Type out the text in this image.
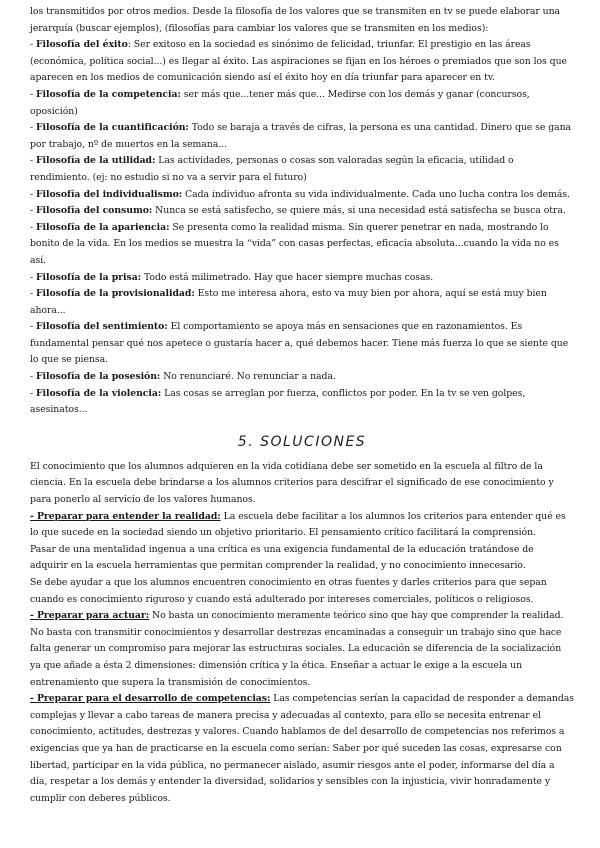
los transmitidos por otros medios. Desde la filosofía de los valores que se transmiten en tv se puede elaborar una jerarquía (buscar ejemplos), (filosofías para cambiar los valores que se transmiten en los medios):

- Filosofía del éxito: Ser exitoso en la sociedad es sinónimo de felicidad, triunfar. El prestigio en las áreas (económica, política social...) es llegar al éxito. Las aspiraciones se fijan en los héroes o premiados que son los que aparecen en los medios de comunicación siendo así el éxito hoy en día triunfar para aparecer en tv.

- Filosofía de la competencia: ser más que...tener más que... Medirse con los demás y ganar (concursos, oposición)

- Filosofía de la cuantificación: Todo se baraja a través de cifras, la persona es una cantidad. Dinero que se gana por trabajo, nº de muertos en la semana...

- Filosofía de la utilidad: Las actividades, personas o cosas son valoradas según la eficacia, utilidad o rendimiento. (ej: no estudio si no va a servir para el futuro)

- Filosofía del individualismo: Cada individuo afronta su vida individualmente. Cada uno lucha contra los demás.

- Filosofía del consumo: Nunca se está satisfecho, se quiere más, si una necesidad está satisfecha se busca otra.

- Filosofía de la apariencia: Se presenta como la realidad misma. Sin querer penetrar en nada, mostrando lo bonito de la vida. En los medios se muestra la “vida” con casas perfectas, eficacia absoluta...cuando la vida no es así.

- Filosofía de la prisa: Todo está milimetrado. Hay que hacer siempre muchas cosas.

- Filosofía de la provisionalidad: Esto me interesa ahora, esto va muy bien por ahora, aquí se está muy bien ahora...

- Filosofía del sentimiento: El comportamiento se apoya más en sensaciones que en razonamientos. Es fundamental pensar qué nos apetece o gustaría hacer a, qué debemos hacer. Tiene más fuerza lo que se siente que lo que se piensa.

- Filosofía de la posesión: No renunciaré. No renunciar a nada.

- Filosofía de la violencia: Las cosas se arreglan por fuerza, conflictos por poder. En la tv se ven golpes, asesinatos...

5. SOLUCIONES

El conocimiento que los alumnos adquieren en la vida cotidiana debe ser sometido en la escuela al filtro de la ciencia. En la escuela debe brindarse a los alumnos criterios para descifrar el significado de ese conocimiento y para ponerlo al servicio de los valores humanos.

- Preparar para entender la realidad: La escuela debe facilitar a los alumnos los criterios para entender qué es lo que sucede en la sociedad siendo un objetivo prioritario. El pensamiento crítico facilitará la comprensión.

Pasar de una mentalidad ingenua a una crítica es una exigencia fundamental de la educación tratándose de adquirir en la escuela herramientas que permitan comprender la realidad, y no conocimiento innecesario.

Se debe ayudar a que los alumnos encuentren conocimiento en otras fuentes y darles criterios para que sepan cuando es conocimiento riguroso y cuando está adulterado por intereses comerciales, políticos o religiosos.

- Preparar para actuar: No basta un conocimiento meramente teórico sino que hay que comprender la realidad. No basta con transmitir conocimientos y desarrollar destrezas encaminadas a conseguir un trabajo sino que hace falta generar un compromiso para mejorar las estructuras sociales. La educación se diferencia de la socialización ya que añade a ésta 2 dimensiones: dimensión crítica y la ética. Enseñar a actuar le exige a la escuela un entrenamiento que supera la transmisión de conocimientos.

- Preparar para el desarrollo de competencias: Las competencias serían la capacidad de responder a demandas complejas y llevar a cabo tareas de manera precisa y adecuadas al contexto, para ello se necesita entrenar el conocimiento, actitudes, destrezas y valores. Cuando hablamos de del desarrollo de competencias nos referimos a exigencias que ya han de practicarse en la escuela como serían: Saber por qué suceden las cosas, expresarse con libertad, participar en la vida pública, no permanecer aislado, asumir riesgos ante el poder, informarse del día a día, respetar a los demás y entender la diversidad, solidarios y sensibles con la injusticia, vivir honradamente y cumplir con deberes públicos.
